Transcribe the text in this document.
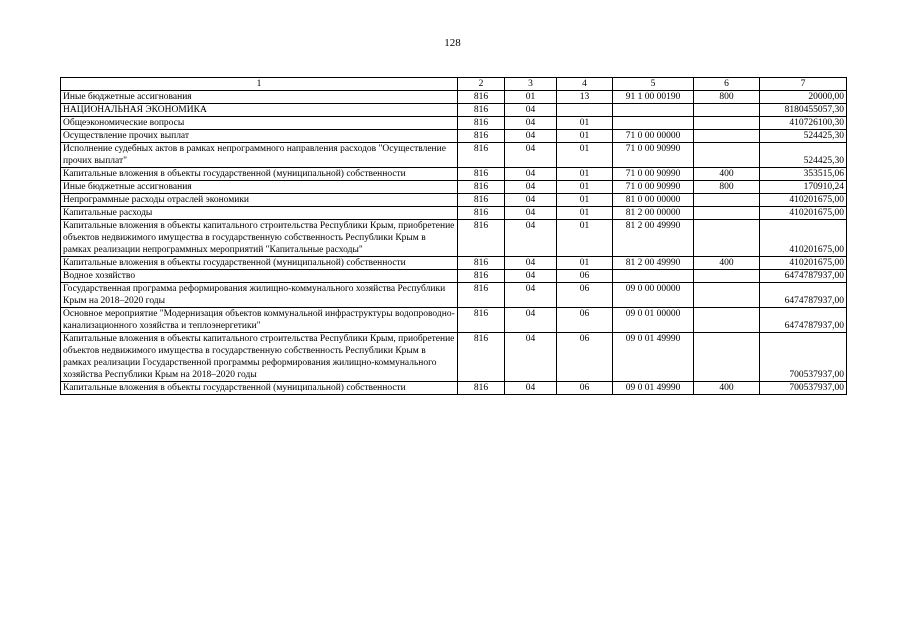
128
1	2	3	4	5	6	7
Иные бюджетные ассигнования	816	01	13	91 1 00 00190	800	20000,00
НАЦИОНАЛЬНАЯ ЭКОНОМИКА	816	04				8180455057,30
Общеэкономические вопросы	816	04	01			410726100,30
Осуществление прочих выплат	816	04	01	71 0 00 00000		524425,30
Исполнение судебных актов в рамках непрограммного направления расходов "Осуществление прочих выплат"	816	04	01	71 0 00 90990		524425,30
Капитальные вложения в объекты государственной (муниципальной) собственности	816	04	01	71 0 00 90990	400	353515,06
Иные бюджетные ассигнования	816	04	01	71 0 00 90990	800	170910,24
Непрограммные расходы отраслей экономики	816	04	01	81 0 00 00000		410201675,00
Капитальные расходы	816	04	01	81 2 00 00000		410201675,00
Капитальные вложения в объекты капитального строительства Республики Крым, приобретение объектов недвижимого имущества в государственную собственность Республики Крым в рамках реализации непрограммных мероприятий "Капитальные расходы"	816	04	01	81 2 00 49990		410201675,00
Капитальные вложения в объекты государственной (муниципальной) собственности	816	04	01	81 2 00 49990	400	410201675,00
Водное хозяйство	816	04	06			6474787937,00
Государственная программа реформирования жилищно-коммунального хозяйства Республики Крым на 2018–2020 годы	816	04	06	09 0 00 00000		6474787937,00
Основное мероприятие "Модернизация объектов коммунальной инфраструктуры водопроводно-канализационного хозяйства и теплоэнергетики"	816	04	06	09 0 01 00000		6474787937,00
Капитальные вложения в объекты капитального строительства Республики Крым, приобретение объектов недвижимого имущества в государственную собственность Республики Крым в рамках реализации Государственной программы реформирования жилищно-коммунального хозяйства Республики Крым на 2018–2020 годы	816	04	06	09 0 01 49990		700537937,00
Капитальные вложения в объекты государственной (муниципальной) собственности	816	04	06	09 0 01 49990	400	700537937,00
